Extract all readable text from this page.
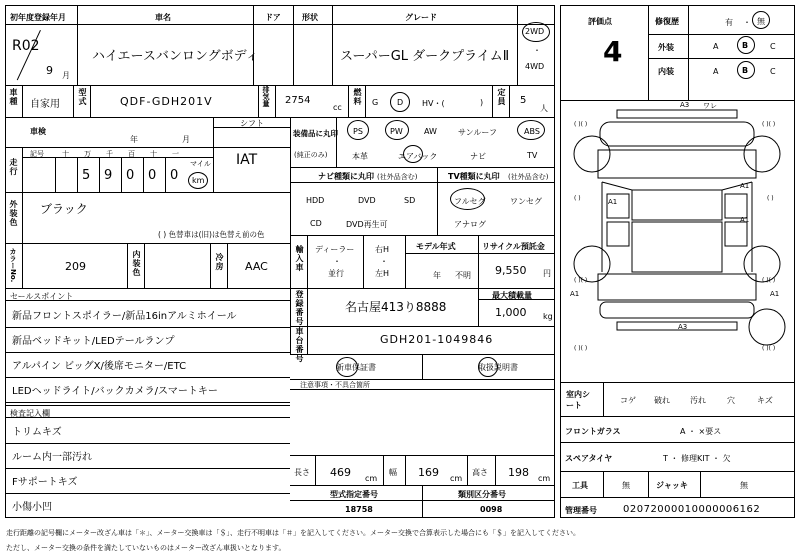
初年度登録年月
R02
9 月
車名
ハイエースバンロングボディ
ドア	形状	グレード
スーパーGL ダークプライムⅡ
2WD
・
4WD
車種 自家用 型式	QDF-GDH201V	排気量 2754
cc
燃料 G D HV・(	) 定員 5
人
車検
年	月
シフト
IAT
走行
記号	十 万 千 百 十 一
5 9 0 0 0
マイル
km
外装色 ブラック
( ) 色替車は(旧)は色替え前の色
カラーNo.	209	内装色	冷房 AAC
セールスポイント
新品フロントスポイラー/新品16inアルミホイール
新品ベッドキット/LEDテールランプ
アルパイン ビッグX/後席モニター/ETC
LEDヘッドライト/バックカメラ/スマートキー
検査記入欄
トリムキズ
ルーム内一部汚れ
Fサポートキズ
小傷小凹
装備品に丸印
(純正のみ)
PS	PW	AW	サンルーフ	ABS
本革	エアバック	ナビ	TV
ナビ種類に丸印 (社外品含む)	TV種類に丸印 (社外品含む)
HDD	DVD	SD
CD	DVD再生可
フルセグ	ワンセグ
アナログ
輸入車 ディーラー
・
並行
右H
・
左H
モデル年式
年 不明
リサイクル預託金
9,550 円
登録番号	名古屋413り8888
最大積載量
1,000 kg
車台番号	GDH201-1049846
新車保証書	取扱説明書
注意事項・不具合箇所
長さ 469 cm
幅 169 cm
高さ 198 cm
型式指定番号
18758
類別区分番号
0098
評価点
4
修復歴	有 ・ 無
外装	A	B	C
内装	A	B	C
( )( )	( )( )
( )	( )
( )( )	( )( )
( )( )	( )( )
A3 ワレ
A1
A1
A1
A3
A1	A1
室内シート
コゲ 破れ	汚れ	穴	キズ
フロントガラス	A ・ ×要ス
スペアタイヤ	T ・ 修理KIT ・ 欠
工具	無	ジャッキ	無
管理番号	02072000010000006162
走行距離の記号欄にメーター改ざん車は「＊」、メーター交換車は「＄」、走行不明車は「＃」を記入してください。メーター交換で合算表示した場合にも「＄」を記入してください。
ただし、メーター交換の条件を満たしていないものはメーター改ざん車扱いとなります。
